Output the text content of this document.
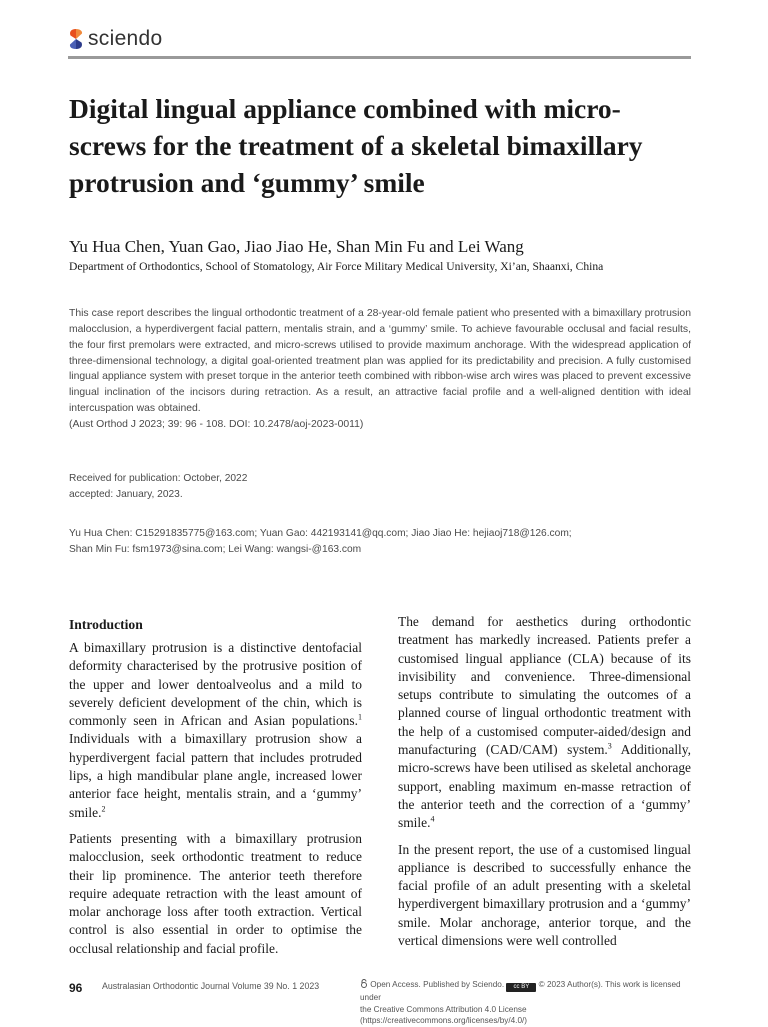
sciendo
Digital lingual appliance combined with micro-screws for the treatment of a skeletal bimaxillary protrusion and ‘gummy’ smile
Yu Hua Chen, Yuan Gao, Jiao Jiao He, Shan Min Fu and Lei Wang
Department of Orthodontics, School of Stomatology, Air Force Military Medical University, Xi’an, Shaanxi, China

This case report describes the lingual orthodontic treatment of a 28-year-old female patient who presented with a bimaxillary protrusion malocclusion, a hyperdivergent facial pattern, mentalis strain, and a ‘gummy’ smile. To achieve favourable occlusal and facial results, the four first premolars were extracted, and micro-screws utilised to provide maximum anchorage. With the widespread application of three-dimensional technology, a digital goal-oriented treatment plan was applied for its predictability and precision. A fully customised lingual appliance system with preset torque in the anterior teeth combined with ribbon-wise arch wires was placed to prevent excessive lingual inclination of the incisors during retraction. As a result, an attractive facial profile and a well-aligned dentition with ideal intercuspation was obtained.

(Aust Orthod J 2023; 39: 96 - 108. DOI: 10.2478/aoj-2023-0011)
Received for publication: October, 2022
accepted: January, 2023.
Yu Hua Chen: C15291835775@163.com; Yuan Gao: 442193141@qq.com; Jiao Jiao He: hejiaoj718@126.com;
Shan Min Fu: fsm1973@sina.com; Lei Wang: wangsi-@163.com
Introduction

A bimaxillary protrusion is a distinctive dentofacial deformity characterised by the protrusive position of the upper and lower dentoalveolus and a mild to severely deficient development of the chin, which is commonly seen in African and Asian populations.$^1$ Individuals with a bimaxillary protrusion show a hyperdivergent facial pattern that includes protruded lips, a high mandibular plane angle, increased lower anterior face height, mentalis strain, and a ‘gummy’ smile.$^2$

Patients presenting with a bimaxillary protrusion malocclusion, seek orthodontic treatment to reduce their lip prominence. The anterior teeth therefore require adequate retraction with the least amount of molar anchorage loss after tooth extraction. Vertical control is also essential in order to optimise the occlusal relationship and facial profile.

The demand for aesthetics during orthodontic treatment has markedly increased. Patients prefer a customised lingual appliance (CLA) because of its invisibility and convenience. Three-dimensional setups contribute to simulating the outcomes of a planned course of lingual orthodontic treatment with the help of a customised computer-aided/design and manufacturing (CAD/CAM) system.$^3$ Additionally, micro-screws have been utilised as skeletal anchorage support, enabling maximum en-masse retraction of the anterior teeth and the correction of a ‘gummy’ smile.$^4$

In the present report, the use of a customised lingual appliance is described to successfully enhance the facial profile of an adult presenting with a skeletal hyperdivergent bimaxillary protrusion and a ‘gummy’ smile. Molar anchorage, anterior torque, and the vertical dimensions were well controlled

96 Australasian Orthodontic Journal Volume 39 No. 1 2023	Open Access. Published by Sciendo. cc BY © 2023 Author(s). This work is licensed under
the Creative Commons Attribution 4.0 License (https://creativecommons.org/licenses/by/4.0/)
